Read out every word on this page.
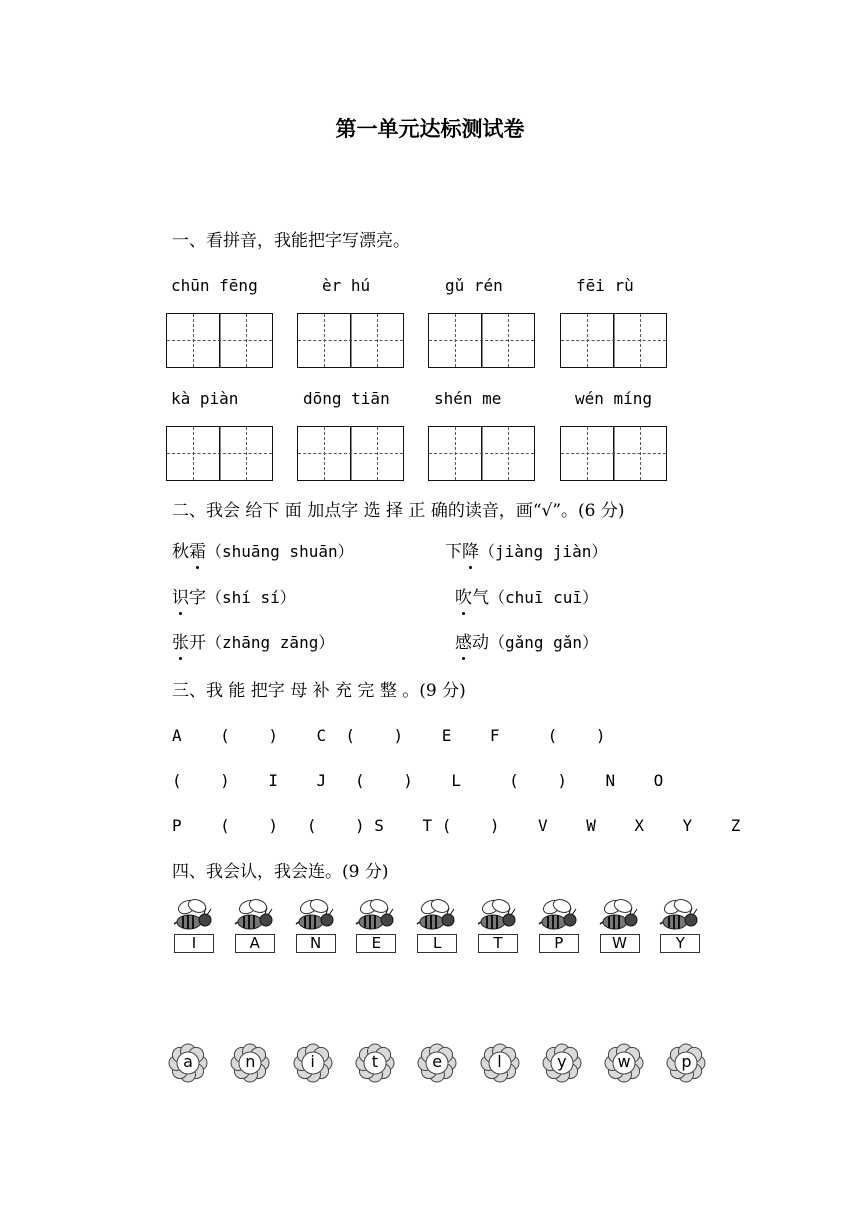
第一单元达标测试卷
一、看拼音，我能把字写漂亮。
chūn fēng	èr hú	gǔ rén	fēi rù
kà piàn	dōng tiān	shén me	wén míng
二、我会 给下 面 加点字 选 择 正 确的读音，画“√”。(6 分)
秋霜（shuāng shuān）	下降（jiàng jiàn）
识字（shí sí）	吹气（chuī cuī）
张开（zhāng zāng）	感动（gǎng gǎn）
三、我 能 把字 母 补 充 完 整 。(9 分)
A    (    )    C  (    )    E    F     (    )
(    )    I    J   (    )    L     (    )    N    O
P    (    )   (    ) S    T (    )    V    W    X    Y    Z
四、我会认，我会连。(9 分)
I	A	N	E	L	T	P	W	Y
a	n	i	t	e	l	y	w	p
